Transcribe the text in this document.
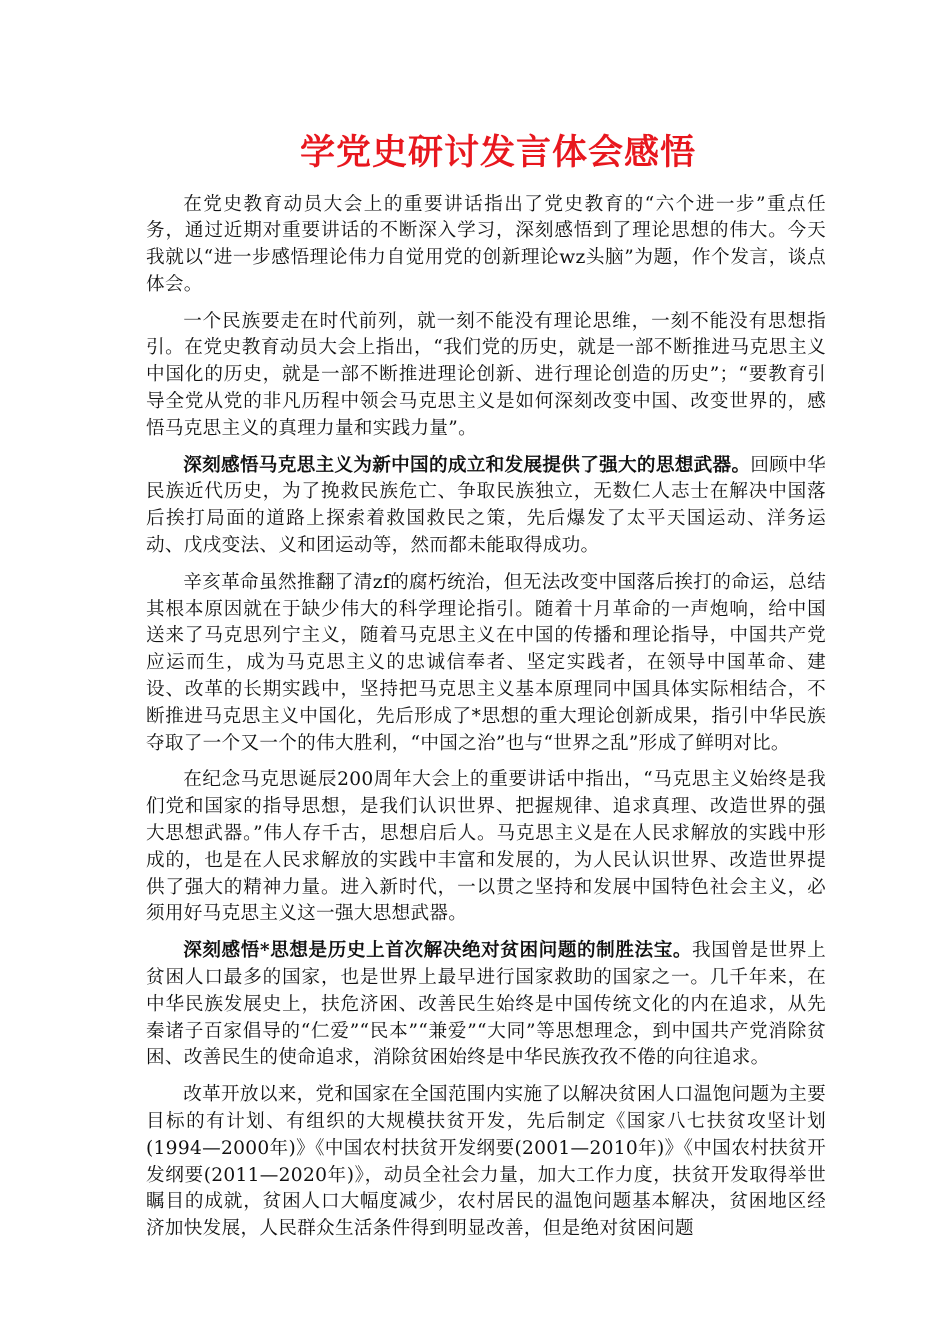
学党史研讨发言体会感悟

在党史教育动员大会上的重要讲话指出了党史教育的“六个进一步”重点任务，通过近期对重要讲话的不断深入学习，深刻感悟到了理论思想的伟大。今天我就以“进一步感悟理论伟力自觉用党的创新理论wz头脑”为题，作个发言，谈点体会。

一个民族要走在时代前列，就一刻不能没有理论思维，一刻不能没有思想指引。在党史教育动员大会上指出，“我们党的历史，就是一部不断推进马克思主义中国化的历史，就是一部不断推进理论创新、进行理论创造的历史”；“要教育引导全党从党的非凡历程中领会马克思主义是如何深刻改变中国、改变世界的，感悟马克思主义的真理力量和实践力量”。

深刻感悟马克思主义为新中国的成立和发展提供了强大的思想武器。回顾中华民族近代历史，为了挽救民族危亡、争取民族独立，无数仁人志士在解决中国落后挨打局面的道路上探索着救国救民之策，先后爆发了太平天国运动、洋务运动、戊戌变法、义和团运动等，然而都未能取得成功。

辛亥革命虽然推翻了清zf的腐朽统治，但无法改变中国落后挨打的命运，总结其根本原因就在于缺少伟大的科学理论指引。随着十月革命的一声炮响，给中国送来了马克思列宁主义，随着马克思主义在中国的传播和理论指导，中国共产党应运而生，成为马克思主义的忠诚信奉者、坚定实践者，在领导中国革命、建设、改革的长期实践中，坚持把马克思主义基本原理同中国具体实际相结合，不断推进马克思主义中国化，先后形成了*思想的重大理论创新成果，指引中华民族夺取了一个又一个的伟大胜利，“中国之治”也与“世界之乱”形成了鲜明对比。

在纪念马克思诞辰200周年大会上的重要讲话中指出，“马克思主义始终是我们党和国家的指导思想，是我们认识世界、把握规律、追求真理、改造世界的强大思想武器。”伟人存千古，思想启后人。马克思主义是在人民求解放的实践中形成的，也是在人民求解放的实践中丰富和发展的，为人民认识世界、改造世界提供了强大的精神力量。进入新时代，一以贯之坚持和发展中国特色社会主义，必须用好马克思主义这一强大思想武器。

深刻感悟*思想是历史上首次解决绝对贫困问题的制胜法宝。我国曾是世界上贫困人口最多的国家，也是世界上最早进行国家救助的国家之一。几千年来，在中华民族发展史上，扶危济困、改善民生始终是中国传统文化的内在追求，从先秦诸子百家倡导的“仁爱”“民本”“兼爱”“大同”等思想理念，到中国共产党消除贫困、改善民生的使命追求，消除贫困始终是中华民族孜孜不倦的向往追求。

改革开放以来，党和国家在全国范围内实施了以解决贫困人口温饱问题为主要目标的有计划、有组织的大规模扶贫开发，先后制定《国家八七扶贫攻坚计划(1994—2000年)》《中国农村扶贫开发纲要(2001—2010年)》《中国农村扶贫开发纲要(2011—2020年)》，动员全社会力量，加大工作力度，扶贫开发取得举世瞩目的成就，贫困人口大幅度减少，农村居民的温饱问题基本解决，贫困地区经济加快发展，人民群众生活条件得到明显改善，但是绝对贫困问题
